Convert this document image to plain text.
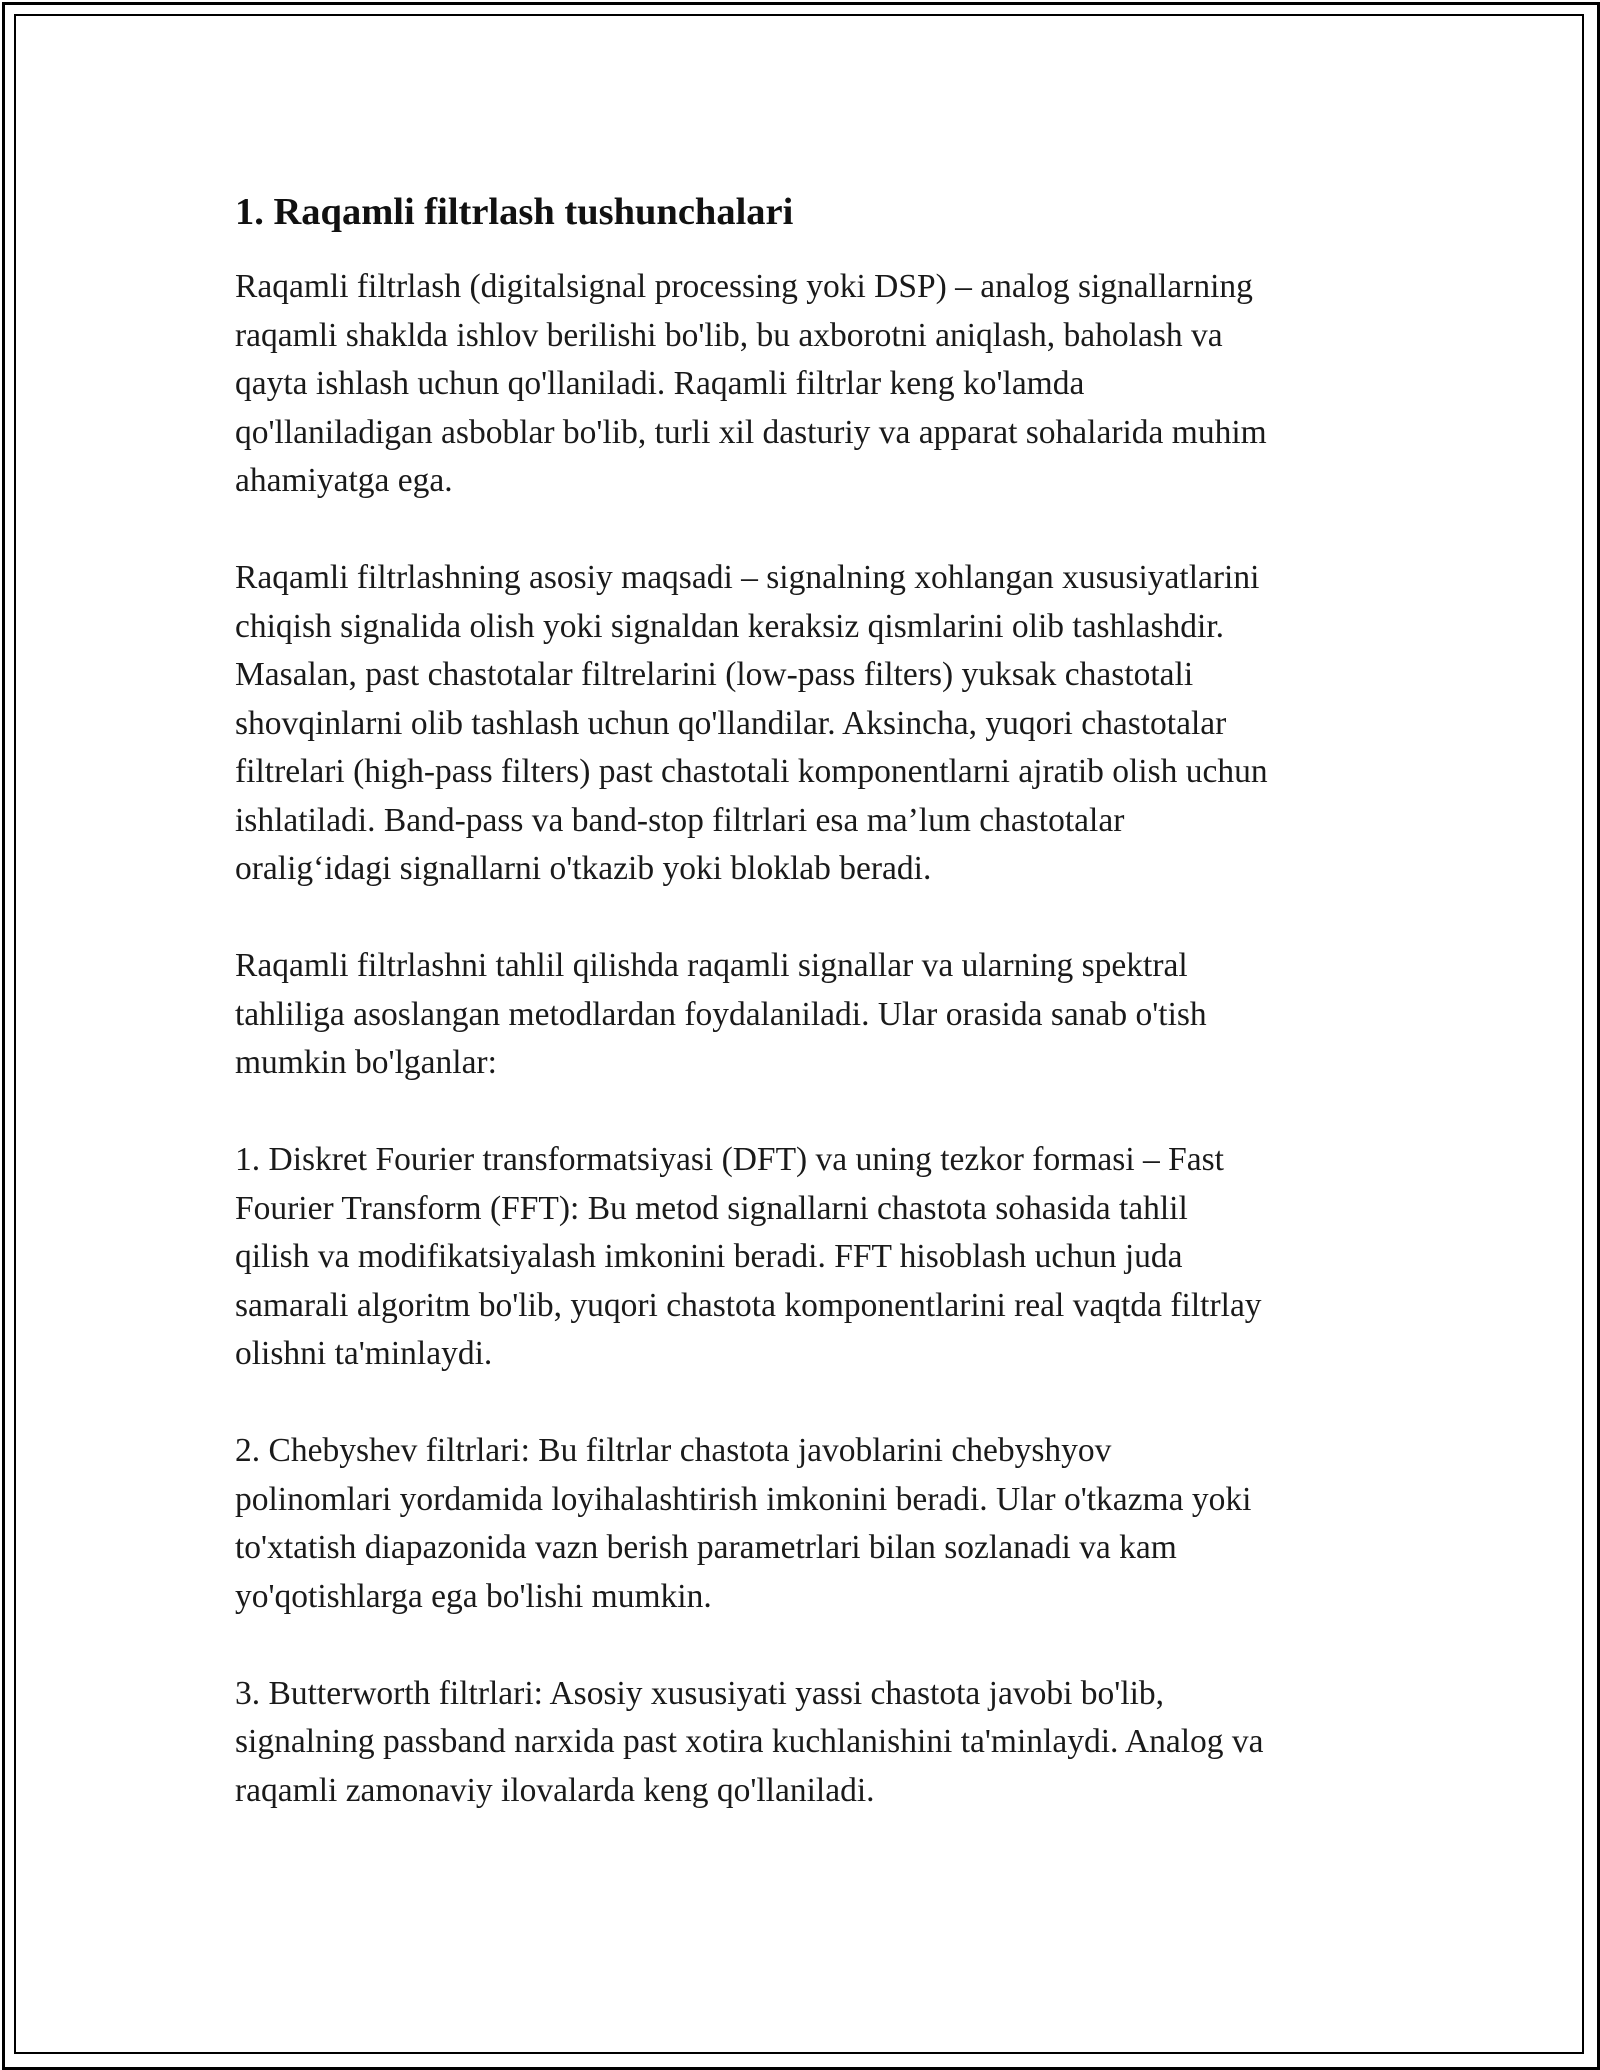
1. Raqamli filtrlash tushunchalari
Raqamli filtrlash (digitalsignal processing yoki DSP) – analog signallarning
raqamli shaklda ishlov berilishi bo'lib, bu axborotni aniqlash, baholash va
qayta ishlash uchun qo'llaniladi. Raqamli filtrlar keng ko'lamda
qo'llaniladigan asboblar bo'lib, turli xil dasturiy va apparat sohalarida muhim
ahamiyatga ega.
Raqamli filtrlashning asosiy maqsadi – signalning xohlangan xususiyatlarini
chiqish signalida olish yoki signaldan keraksiz qismlarini olib tashlashdir.
Masalan, past chastotalar filtrelarini (low-pass filters) yuksak chastotali
shovqinlarni olib tashlash uchun qo'llandilar. Aksincha, yuqori chastotalar
filtrelari (high-pass filters) past chastotali komponentlarni ajratib olish uchun
ishlatiladi. Band-pass va band-stop filtrlari esa ma’lum chastotalar
oralig‘idagi signallarni o'tkazib yoki bloklab beradi.
Raqamli filtrlashni tahlil qilishda raqamli signallar va ularning spektral
tahliliga asoslangan metodlardan foydalaniladi. Ular orasida sanab o'tish
mumkin bo'lganlar:
1. Diskret Fourier transformatsiyasi (DFT) va uning tezkor formasi – Fast
Fourier Transform (FFT): Bu metod signallarni chastota sohasida tahlil
qilish va modifikatsiyalash imkonini beradi. FFT hisoblash uchun juda
samarali algoritm bo'lib, yuqori chastota komponentlarini real vaqtda filtrlay
olishni ta'minlaydi.
2. Chebyshev filtrlari: Bu filtrlar chastota javoblarini chebyshyov
polinomlari yordamida loyihalashtirish imkonini beradi. Ular o'tkazma yoki
to'xtatish diapazonida vazn berish parametrlari bilan sozlanadi va kam
yo'qotishlarga ega bo'lishi mumkin.
3. Butterworth filtrlari: Asosiy xususiyati yassi chastota javobi bo'lib,
signalning passband narxida past xotira kuchlanishini ta'minlaydi. Analog va
raqamli zamonaviy ilovalarda keng qo'llaniladi.
